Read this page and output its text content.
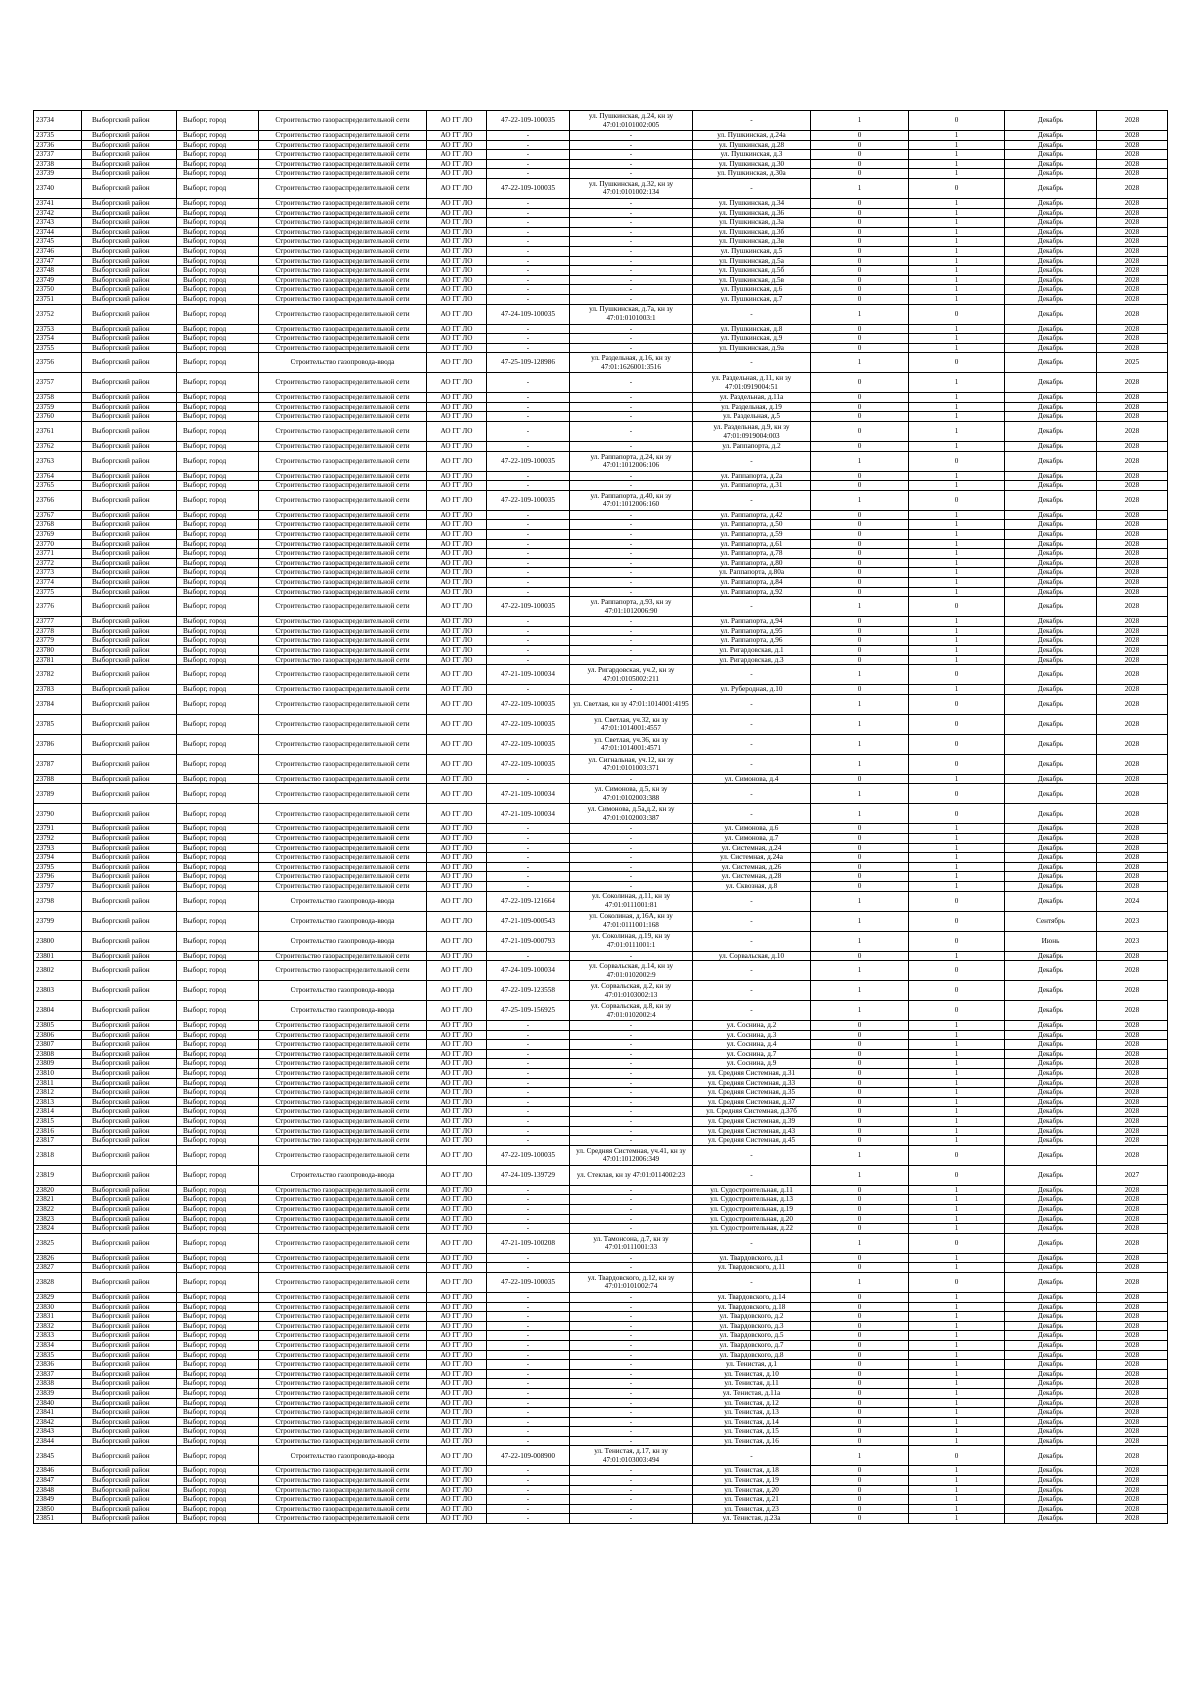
23734	Выборгский район	Выборг, город	Строительство газораспределительной сети	АО ГГ ЛО	47-22-109-100035	ул. Пушкинская, д.24, кн зу 47:01:0101002:005	-	1	0	Декабрь	2028
23735	Выборгский район	Выборг, город	Строительство газораспределительной сети	АО ГГ ЛО	-	-	ул. Пушкинская, д.24а	0	1	Декабрь	2028
23736	Выборгский район	Выборг, город	Строительство газораспределительной сети	АО ГГ ЛО	-	-	ул. Пушкинская, д.28	0	1	Декабрь	2028
23737	Выборгский район	Выборг, город	Строительство газораспределительной сети	АО ГГ ЛО	-	-	ул. Пушкинская, д.3	0	1	Декабрь	2028
23738	Выборгский район	Выборг, город	Строительство газораспределительной сети	АО ГГ ЛО	-	-	ул. Пушкинская, д.30	0	1	Декабрь	2028
23739	Выборгский район	Выборг, город	Строительство газораспределительной сети	АО ГГ ЛО	-	-	ул. Пушкинская, д.30а	0	1	Декабрь	2028
23740	Выборгский район	Выборг, город	Строительство газораспределительной сети	АО ГГ ЛО	47-22-109-100035	ул. Пушкинская, д.32, кн зу 47:01:0101002:134	-	1	0	Декабрь	2028
23741	Выборгский район	Выборг, город	Строительство газораспределительной сети	АО ГГ ЛО	-	-	ул. Пушкинская, д.34	0	1	Декабрь	2028
23742	Выборгский район	Выборг, город	Строительство газораспределительной сети	АО ГГ ЛО	-	-	ул. Пушкинская, д.36	0	1	Декабрь	2028
23743	Выборгский район	Выборг, город	Строительство газораспределительной сети	АО ГГ ЛО	-	-	ул. Пушкинская, д.3а	0	1	Декабрь	2028
23744	Выборгский район	Выборг, город	Строительство газораспределительной сети	АО ГГ ЛО	-	-	ул. Пушкинская, д.3б	0	1	Декабрь	2028
23745	Выборгский район	Выборг, город	Строительство газораспределительной сети	АО ГГ ЛО	-	-	ул. Пушкинская, д.3в	0	1	Декабрь	2028
23746	Выборгский район	Выборг, город	Строительство газораспределительной сети	АО ГГ ЛО	-	-	ул. Пушкинская, д.5	0	1	Декабрь	2028
23747	Выборгский район	Выборг, город	Строительство газораспределительной сети	АО ГГ ЛО	-	-	ул. Пушкинская, д.5а	0	1	Декабрь	2028
23748	Выборгский район	Выборг, город	Строительство газораспределительной сети	АО ГГ ЛО	-	-	ул. Пушкинская, д.5б	0	1	Декабрь	2028
23749	Выборгский район	Выборг, город	Строительство газораспределительной сети	АО ГГ ЛО	-	-	ул. Пушкинская, д.5в	0	1	Декабрь	2028
23750	Выборгский район	Выборг, город	Строительство газораспределительной сети	АО ГГ ЛО	-	-	ул. Пушкинская, д.6	0	1	Декабрь	2028
23751	Выборгский район	Выборг, город	Строительство газораспределительной сети	АО ГГ ЛО	-	-	ул. Пушкинская, д.7	0	1	Декабрь	2028
23752	Выборгский район	Выборг, город	Строительство газораспределительной сети	АО ГГ ЛО	47-24-109-100035	ул. Пушкинская, д.7а, кн зу 47:01:0101003:1	-	1	0	Декабрь	2028
23753	Выборгский район	Выборг, город	Строительство газораспределительной сети	АО ГГ ЛО	-	-	ул. Пушкинская, д.8	0	1	Декабрь	2028
23754	Выборгский район	Выборг, город	Строительство газораспределительной сети	АО ГГ ЛО	-	-	ул. Пушкинская, д.9	0	1	Декабрь	2028
23755	Выборгский район	Выборг, город	Строительство газораспределительной сети	АО ГГ ЛО	-	-	ул. Пушкинская, д.9а	0	1	Декабрь	2028
23756	Выборгский район	Выборг, город	Строительство газопровода-ввода	АО ГГ ЛО	47-25-109-128986	ул. Раздельная, д.16, кн зу 47:01:1626001:3516	-	1	0	Декабрь	2025
23757	Выборгский район	Выборг, город	Строительство газораспределительной сети	АО ГГ ЛО	-	-	ул. Раздельная, д.11, кн зу 47:01:0919004:51	0	1	Декабрь	2028
23758	Выборгский район	Выборг, город	Строительство газораспределительной сети	АО ГГ ЛО	-	-	ул. Раздельная, д.11а	0	1	Декабрь	2028
23759	Выборгский район	Выборг, город	Строительство газораспределительной сети	АО ГГ ЛО	-	-	ул. Раздельная, д.19	0	1	Декабрь	2028
23760	Выборгский район	Выборг, город	Строительство газораспределительной сети	АО ГГ ЛО	-	-	ул. Раздельная, д.5	0	1	Декабрь	2028
23761	Выборгский район	Выборг, город	Строительство газораспределительной сети	АО ГГ ЛО	-	-	ул. Раздельная, д.9, кн зу 47:01:0919004:003	0	1	Декабрь	2028
23762	Выборгский район	Выборг, город	Строительство газораспределительной сети	АО ГГ ЛО	-	-	ул. Раппапорта, д.2	0	1	Декабрь	2028
23763	Выборгский район	Выборг, город	Строительство газораспределительной сети	АО ГГ ЛО	47-22-109-100035	ул. Раппапорта, д.24, кн зу 47:01:1012006:106	-	1	0	Декабрь	2028
23764	Выборгский район	Выборг, город	Строительство газораспределительной сети	АО ГГ ЛО	-	-	ул. Раппапорта, д.2а	0	1	Декабрь	2028
23765	Выборгский район	Выборг, город	Строительство газораспределительной сети	АО ГГ ЛО	-	-	ул. Раппапорта, д.31	0	1	Декабрь	2028
23766	Выборгский район	Выборг, город	Строительство газораспределительной сети	АО ГГ ЛО	47-22-109-100035	ул. Раппапорта, д.40, кн зу 47:01:1012006:160	-	1	0	Декабрь	2028
23767	Выборгский район	Выборг, город	Строительство газораспределительной сети	АО ГГ ЛО	-	-	ул. Раппапорта, д.42	0	1	Декабрь	2028
23768	Выборгский район	Выборг, город	Строительство газораспределительной сети	АО ГГ ЛО	-	-	ул. Раппапорта, д.50	0	1	Декабрь	2028
23769	Выборгский район	Выборг, город	Строительство газораспределительной сети	АО ГГ ЛО	-	-	ул. Раппапорта, д.59	0	1	Декабрь	2028
23770	Выборгский район	Выборг, город	Строительство газораспределительной сети	АО ГГ ЛО	-	-	ул. Раппапорта, д.61	0	1	Декабрь	2028
23771	Выборгский район	Выборг, город	Строительство газораспределительной сети	АО ГГ ЛО	-	-	ул. Раппапорта, д.78	0	1	Декабрь	2028
23772	Выборгский район	Выборг, город	Строительство газораспределительной сети	АО ГГ ЛО	-	-	ул. Раппапорта, д.80	0	1	Декабрь	2028
23773	Выборгский район	Выборг, город	Строительство газораспределительной сети	АО ГГ ЛО	-	-	ул. Раппапорта, д.80а	0	1	Декабрь	2028
23774	Выборгский район	Выборг, город	Строительство газораспределительной сети	АО ГГ ЛО	-	-	ул. Раппапорта, д.84	0	1	Декабрь	2028
23775	Выборгский район	Выборг, город	Строительство газораспределительной сети	АО ГГ ЛО	-	-	ул. Раппапорта, д.92	0	1	Декабрь	2028
23776	Выборгский район	Выборг, город	Строительство газораспределительной сети	АО ГГ ЛО	47-22-109-100035	ул. Раппапорта, д.93, кн зу 47:01:1012006:90	-	1	0	Декабрь	2028
23777	Выборгский район	Выборг, город	Строительство газораспределительной сети	АО ГГ ЛО	-	-	ул. Раппапорта, д.94	0	1	Декабрь	2028
23778	Выборгский район	Выборг, город	Строительство газораспределительной сети	АО ГГ ЛО	-	-	ул. Раппапорта, д.95	0	1	Декабрь	2028
23779	Выборгский район	Выборг, город	Строительство газораспределительной сети	АО ГГ ЛО	-	-	ул. Раппапорта, д.96	0	1	Декабрь	2028
23780	Выборгский район	Выборг, город	Строительство газораспределительной сети	АО ГГ ЛО	-	-	ул. Ригардовская, д.1	0	1	Декабрь	2028
23781	Выборгский район	Выборг, город	Строительство газораспределительной сети	АО ГГ ЛО	-	-	ул. Ригардовская, д.3	0	1	Декабрь	2028
23782	Выборгский район	Выборг, город	Строительство газораспределительной сети	АО ГГ ЛО	47-21-109-100034	ул. Ригардовская, уч.2, кн зу 47:01:0105002:211	-	1	0	Декабрь	2028
23783	Выборгский район	Выборг, город	Строительство газораспределительной сети	АО ГГ ЛО	-	-	ул. Руберодная, д.10	0	1	Декабрь	2028
23784	Выборгский район	Выборг, город	Строительство газораспределительной сети	АО ГГ ЛО	47-22-109-100035	ул. Светлая, кн зу 47:01:1014001:4195	-	1	0	Декабрь	2028
23785	Выборгский район	Выборг, город	Строительство газораспределительной сети	АО ГГ ЛО	47-22-109-100035	ул. Светлая, уч.32, кн зу 47:01:1014001:4557	-	1	0	Декабрь	2028
23786	Выборгский район	Выборг, город	Строительство газораспределительной сети	АО ГГ ЛО	47-22-109-100035	ул. Светлая, уч.36, кн зу 47:01:1014001:4571	-	1	0	Декабрь	2028
23787	Выборгский район	Выборг, город	Строительство газораспределительной сети	АО ГГ ЛО	47-22-109-100035	ул. Сигнальная, уч.12, кн зу 47:01:0101003:371	-	1	0	Декабрь	2028
23788	Выборгский район	Выборг, город	Строительство газораспределительной сети	АО ГГ ЛО	-	-	ул. Симонова, д.4	0	1	Декабрь	2028
23789	Выборгский район	Выборг, город	Строительство газораспределительной сети	АО ГГ ЛО	47-21-109-100034	ул. Симонова, д.5, кн зу 47:01:0102003:388	-	1	0	Декабрь	2028
23790	Выборгский район	Выборг, город	Строительство газораспределительной сети	АО ГГ ЛО	47-21-109-100034	ул. Симонова, д.5а,д.2, кн зу 47:01:0102003:387	-	1	0	Декабрь	2028
23791	Выборгский район	Выборг, город	Строительство газораспределительной сети	АО ГГ ЛО	-	-	ул. Симонова, д.6	0	1	Декабрь	2028
23792	Выборгский район	Выборг, город	Строительство газораспределительной сети	АО ГГ ЛО	-	-	ул. Симонова, д.7	0	1	Декабрь	2028
23793	Выборгский район	Выборг, город	Строительство газораспределительной сети	АО ГГ ЛО	-	-	ул. Системная, д.24	0	1	Декабрь	2028
23794	Выборгский район	Выборг, город	Строительство газораспределительной сети	АО ГГ ЛО	-	-	ул. Системная, д.24а	0	1	Декабрь	2028
23795	Выборгский район	Выборг, город	Строительство газораспределительной сети	АО ГГ ЛО	-	-	ул. Системная, д.26	0	1	Декабрь	2028
23796	Выборгский район	Выборг, город	Строительство газораспределительной сети	АО ГГ ЛО	-	-	ул. Системная, д.28	0	1	Декабрь	2028
23797	Выборгский район	Выборг, город	Строительство газораспределительной сети	АО ГГ ЛО	-	-	ул. Сквозная, д.8	0	1	Декабрь	2028
23798	Выборгский район	Выборг, город	Строительство газопровода-ввода	АО ГГ ЛО	47-22-109-121664	ул. Соколиная, д.11, кн зу 47:01:0111001:81	-	1	0	Декабрь	2024
23799	Выборгский район	Выборг, город	Строительство газопровода-ввода	АО ГГ ЛО	47-21-109-000543	ул. Соколиная, д.16А, кн зу 47:01:0111001:168	-	1	0	Сентябрь	2023
23800	Выборгский район	Выборг, город	Строительство газопровода-ввода	АО ГГ ЛО	47-21-109-000793	ул. Соколиная, д.19, кн зу 47:01:0111001:1	-	1	0	Июнь	2023
23801	Выборгский район	Выборг, город	Строительство газораспределительной сети	АО ГГ ЛО	-	-	ул. Сорвальская, д.10	0	1	Декабрь	2028
23802	Выборгский район	Выборг, город	Строительство газораспределительной сети	АО ГГ ЛО	47-24-109-100034	ул. Сорвальская, д.14, кн зу 47:01:0102002:9	-	1	0	Декабрь	2028
23803	Выборгский район	Выборг, город	Строительство газопровода-ввода	АО ГГ ЛО	47-22-109-123558	ул. Сорвальская, д.2, кн зу 47:01:0103002:13	-	1	0	Декабрь	2028
23804	Выборгский район	Выборг, город	Строительство газопровода-ввода	АО ГГ ЛО	47-25-109-156925	ул. Сорвальская, д.8, кн зу 47:01:0102002:4	-	1	0	Декабрь	2028
23805	Выборгский район	Выборг, город	Строительство газораспределительной сети	АО ГГ ЛО	-	-	ул. Соснина, д.2	0	1	Декабрь	2028
23806	Выборгский район	Выборг, город	Строительство газораспределительной сети	АО ГГ ЛО	-	-	ул. Соснина, д.3	0	1	Декабрь	2028
23807	Выборгский район	Выборг, город	Строительство газораспределительной сети	АО ГГ ЛО	-	-	ул. Соснина, д.4	0	1	Декабрь	2028
23808	Выборгский район	Выборг, город	Строительство газораспределительной сети	АО ГГ ЛО	-	-	ул. Соснина, д.7	0	1	Декабрь	2028
23809	Выборгский район	Выборг, город	Строительство газораспределительной сети	АО ГГ ЛО	-	-	ул. Соснина, д.9	0	1	Декабрь	2028
23810	Выборгский район	Выборг, город	Строительство газораспределительной сети	АО ГГ ЛО	-	-	ул. Средняя Системная, д.31	0	1	Декабрь	2028
23811	Выборгский район	Выборг, город	Строительство газораспределительной сети	АО ГГ ЛО	-	-	ул. Средняя Системная, д.33	0	1	Декабрь	2028
23812	Выборгский район	Выборг, город	Строительство газораспределительной сети	АО ГГ ЛО	-	-	ул. Средняя Системная, д.35	0	1	Декабрь	2028
23813	Выборгский район	Выборг, город	Строительство газораспределительной сети	АО ГГ ЛО	-	-	ул. Средняя Системная, д.37	0	1	Декабрь	2028
23814	Выборгский район	Выборг, город	Строительство газораспределительной сети	АО ГГ ЛО	-	-	ул. Средняя Системная, д.37б	0	1	Декабрь	2028
23815	Выборгский район	Выборг, город	Строительство газораспределительной сети	АО ГГ ЛО	-	-	ул. Средняя Системная, д.39	0	1	Декабрь	2028
23816	Выборгский район	Выборг, город	Строительство газораспределительной сети	АО ГГ ЛО	-	-	ул. Средняя Системная, д.43	0	1	Декабрь	2028
23817	Выборгский район	Выборг, город	Строительство газораспределительной сети	АО ГГ ЛО	-	-	ул. Средняя Системная, д.45	0	1	Декабрь	2028
23818	Выборгский район	Выборг, город	Строительство газораспределительной сети	АО ГГ ЛО	47-22-109-100035	ул. Средняя Системная, уч.41, кн зу 47:01:1012006:349	-	1	0	Декабрь	2028
23819	Выборгский район	Выборг, город	Строительство газопровода-ввода	АО ГГ ЛО	47-24-109-139729	ул. Стеклая, кн зу 47:01:0114002:23	-	1	0	Декабрь	2027
23820	Выборгский район	Выборг, город	Строительство газораспределительной сети	АО ГГ ЛО	-	-	ул. Судостроительная, д.11	0	1	Декабрь	2028
23821	Выборгский район	Выборг, город	Строительство газораспределительной сети	АО ГГ ЛО	-	-	ул. Судостроительная, д.13	0	1	Декабрь	2028
23822	Выборгский район	Выборг, город	Строительство газораспределительной сети	АО ГГ ЛО	-	-	ул. Судостроительная, д.19	0	1	Декабрь	2028
23823	Выборгский район	Выборг, город	Строительство газораспределительной сети	АО ГГ ЛО	-	-	ул. Судостроительная, д.20	0	1	Декабрь	2028
23824	Выборгский район	Выборг, город	Строительство газораспределительной сети	АО ГГ ЛО	-	-	ул. Судостроительная, д.22	0	1	Декабрь	2028
23825	Выборгский район	Выборг, город	Строительство газораспределительной сети	АО ГГ ЛО	47-21-109-100208	ул. Тамонсона, д.7, кн зу 47:01:0111001:33	-	1	0	Декабрь	2028
23826	Выборгский район	Выборг, город	Строительство газораспределительной сети	АО ГГ ЛО	-	-	ул. Твардовского, д.1	0	1	Декабрь	2028
23827	Выборгский район	Выборг, город	Строительство газораспределительной сети	АО ГГ ЛО	-	-	ул. Твардовского, д.11	0	1	Декабрь	2028
23828	Выборгский район	Выборг, город	Строительство газораспределительной сети	АО ГГ ЛО	47-22-109-100035	ул. Твардовского, д.12, кн зу 47:01:0101002:74	-	1	0	Декабрь	2028
23829	Выборгский район	Выборг, город	Строительство газораспределительной сети	АО ГГ ЛО	-	-	ул. Твардовского, д.14	0	1	Декабрь	2028
23830	Выборгский район	Выборг, город	Строительство газораспределительной сети	АО ГГ ЛО	-	-	ул. Твардовского, д.18	0	1	Декабрь	2028
23831	Выборгский район	Выборг, город	Строительство газораспределительной сети	АО ГГ ЛО	-	-	ул. Твардовского, д.2	0	1	Декабрь	2028
23832	Выборгский район	Выборг, город	Строительство газораспределительной сети	АО ГГ ЛО	-	-	ул. Твардовского, д.3	0	1	Декабрь	2028
23833	Выборгский район	Выборг, город	Строительство газораспределительной сети	АО ГГ ЛО	-	-	ул. Твардовского, д.5	0	1	Декабрь	2028
23834	Выборгский район	Выборг, город	Строительство газораспределительной сети	АО ГГ ЛО	-	-	ул. Твардовского, д.7	0	1	Декабрь	2028
23835	Выборгский район	Выборг, город	Строительство газораспределительной сети	АО ГГ ЛО	-	-	ул. Твардовского, д.8	0	1	Декабрь	2028
23836	Выборгский район	Выборг, город	Строительство газораспределительной сети	АО ГГ ЛО	-	-	ул. Тенистая, д.1	0	1	Декабрь	2028
23837	Выборгский район	Выборг, город	Строительство газораспределительной сети	АО ГГ ЛО	-	-	ул. Тенистая, д.10	0	1	Декабрь	2028
23838	Выборгский район	Выборг, город	Строительство газораспределительной сети	АО ГГ ЛО	-	-	ул. Тенистая, д.11	0	1	Декабрь	2028
23839	Выборгский район	Выборг, город	Строительство газораспределительной сети	АО ГГ ЛО	-	-	ул. Тенистая, д.11а	0	1	Декабрь	2028
23840	Выборгский район	Выборг, город	Строительство газораспределительной сети	АО ГГ ЛО	-	-	ул. Тенистая, д.12	0	1	Декабрь	2028
23841	Выборгский район	Выборг, город	Строительство газораспределительной сети	АО ГГ ЛО	-	-	ул. Тенистая, д.13	0	1	Декабрь	2028
23842	Выборгский район	Выборг, город	Строительство газораспределительной сети	АО ГГ ЛО	-	-	ул. Тенистая, д.14	0	1	Декабрь	2028
23843	Выборгский район	Выборг, город	Строительство газораспределительной сети	АО ГГ ЛО	-	-	ул. Тенистая, д.15	0	1	Декабрь	2028
23844	Выборгский район	Выборг, город	Строительство газораспределительной сети	АО ГГ ЛО	-	-	ул. Тенистая, д.16	0	1	Декабрь	2028
23845	Выборгский район	Выборг, город	Строительство газопровода-ввода	АО ГГ ЛО	47-22-109-008900	ул. Тенистая, д.17, кн зу 47:01:0103003:494	-	1	0	Декабрь	2028
23846	Выборгский район	Выборг, город	Строительство газораспределительной сети	АО ГГ ЛО	-	-	ул. Тенистая, д.18	0	1	Декабрь	2028
23847	Выборгский район	Выборг, город	Строительство газораспределительной сети	АО ГГ ЛО	-	-	ул. Тенистая, д.19	0	1	Декабрь	2028
23848	Выборгский район	Выборг, город	Строительство газораспределительной сети	АО ГГ ЛО	-	-	ул. Тенистая, д.20	0	1	Декабрь	2028
23849	Выборгский район	Выборг, город	Строительство газораспределительной сети	АО ГГ ЛО	-	-	ул. Тенистая, д.21	0	1	Декабрь	2028
23850	Выборгский район	Выборг, город	Строительство газораспределительной сети	АО ГГ ЛО	-	-	ул. Тенистая, д.23	0	1	Декабрь	2028
23851	Выборгский район	Выборг, город	Строительство газораспределительной сети	АО ГГ ЛО	-	-	ул. Тенистая, д.23а	0	1	Декабрь	2028
